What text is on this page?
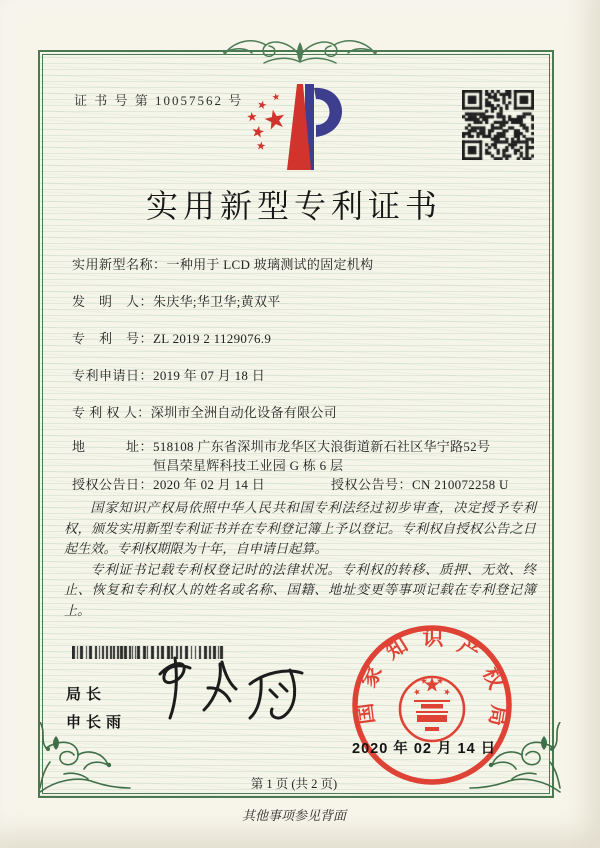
证 书 号 第 10057562 号
实用新型专利证书
实用新型名称： 一种用于 LCD 玻璃测试的固定机构
发　明　人： 朱庆华;华卫华;黄双平
专　利　号： ZL 2019 2 1129076.9
专利申请日： 2019 年 07 月 18 日
专 利 权 人： 深圳市全洲自动化设备有限公司
地　　　址： 518108 广东省深圳市龙华区大浪街道新石社区华宁路52号恒昌荣星辉科技工业园 G 栋 6 层
授权公告日： 2020 年 02 月 14 日	授权公告号： CN 210072258 U

国家知识产权局依照中华人民共和国专利法经过初步审查，决定授予专利权，颁发实用新型专利证书并在专利登记簿上予以登记。专利权自授权公告之日起生效。专利权期限为十年，自申请日起算。

专利证书记载专利权登记时的法律状况。专利权的转移、质押、无效、终止、恢复和专利权人的姓名或名称、国籍、地址变更等事项记载在专利登记簿上。

局长
申长雨	国家知识产权局
2020 年 02 月 14 日
第 1 页 (共 2 页)
其他事项参见背面
